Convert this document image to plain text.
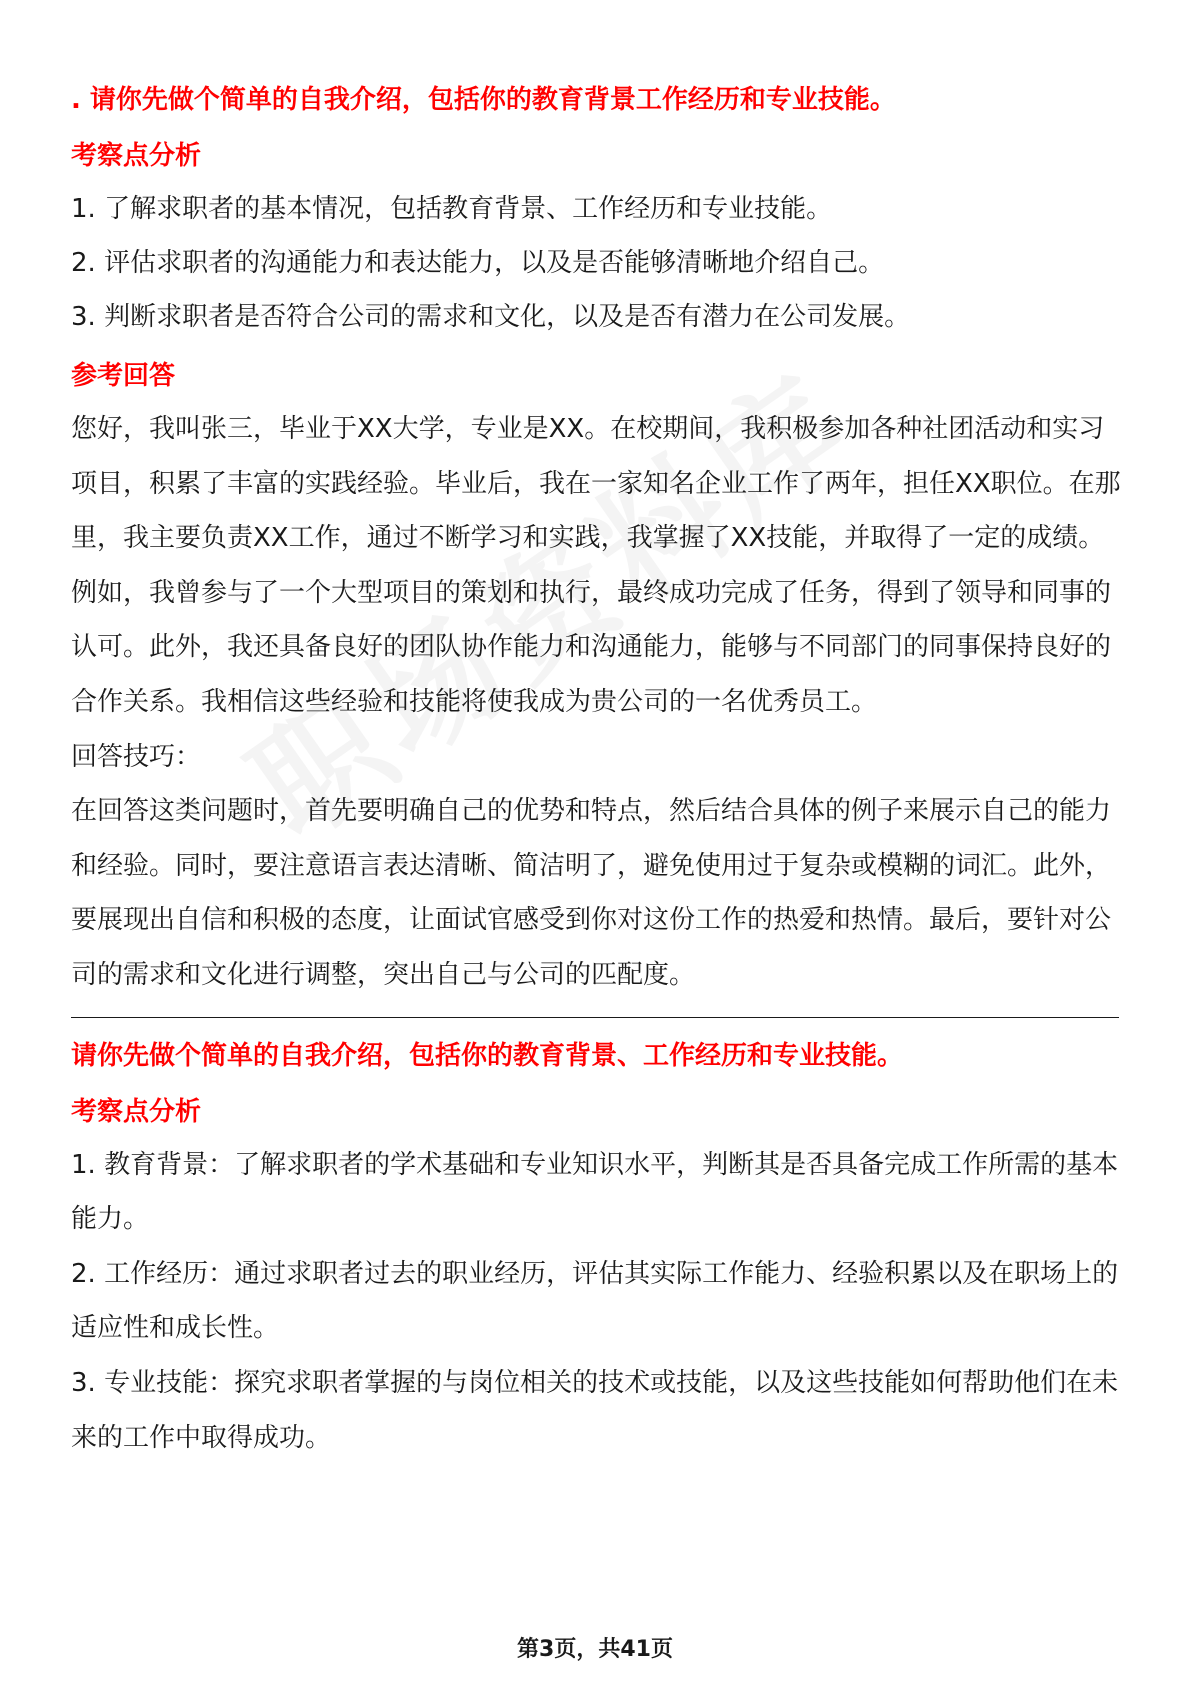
. 请你先做个简单的自我介绍，包括你的教育背景工作经历和专业技能。

考察点分析

1. 了解求职者的基本情况，包括教育背景、工作经历和专业技能。

2. 评估求职者的沟通能力和表达能力，以及是否能够清晰地介绍自己。

3. 判断求职者是否符合公司的需求和文化，以及是否有潜力在公司发展。

参考回答

您好，我叫张三，毕业于XX大学，专业是XX。在校期间，我积极参加各种社团活动和实习项目，积累了丰富的实践经验。毕业后，我在一家知名企业工作了两年，担任XX职位。在那里，我主要负责XX工作，通过不断学习和实践，我掌握了XX技能，并取得了一定的成绩。例如，我曾参与了一个大型项目的策划和执行，最终成功完成了任务，得到了领导和同事的认可。此外，我还具备良好的团队协作能力和沟通能力，能够与不同部门的同事保持良好的合作关系。我相信这些经验和技能将使我成为贵公司的一名优秀员工。

回答技巧：

在回答这类问题时，首先要明确自己的优势和特点，然后结合具体的例子来展示自己的能力和经验。同时，要注意语言表达清晰、简洁明了，避免使用过于复杂或模糊的词汇。此外，要展现出自信和积极的态度，让面试官感受到你对这份工作的热爱和热情。最后，要针对公司的需求和文化进行调整，突出自己与公司的匹配度。

请你先做个简单的自我介绍，包括你的教育背景、工作经历和专业技能。

考察点分析

1. 教育背景：了解求职者的学术基础和专业知识水平，判断其是否具备完成工作所需的基本能力。

2. 工作经历：通过求职者过去的职业经历，评估其实际工作能力、经验积累以及在职场上的适应性和成长性。

3. 专业技能：探究求职者掌握的与岗位相关的技术或技能，以及这些技能如何帮助他们在未来的工作中取得成功。

第3页，共41页
